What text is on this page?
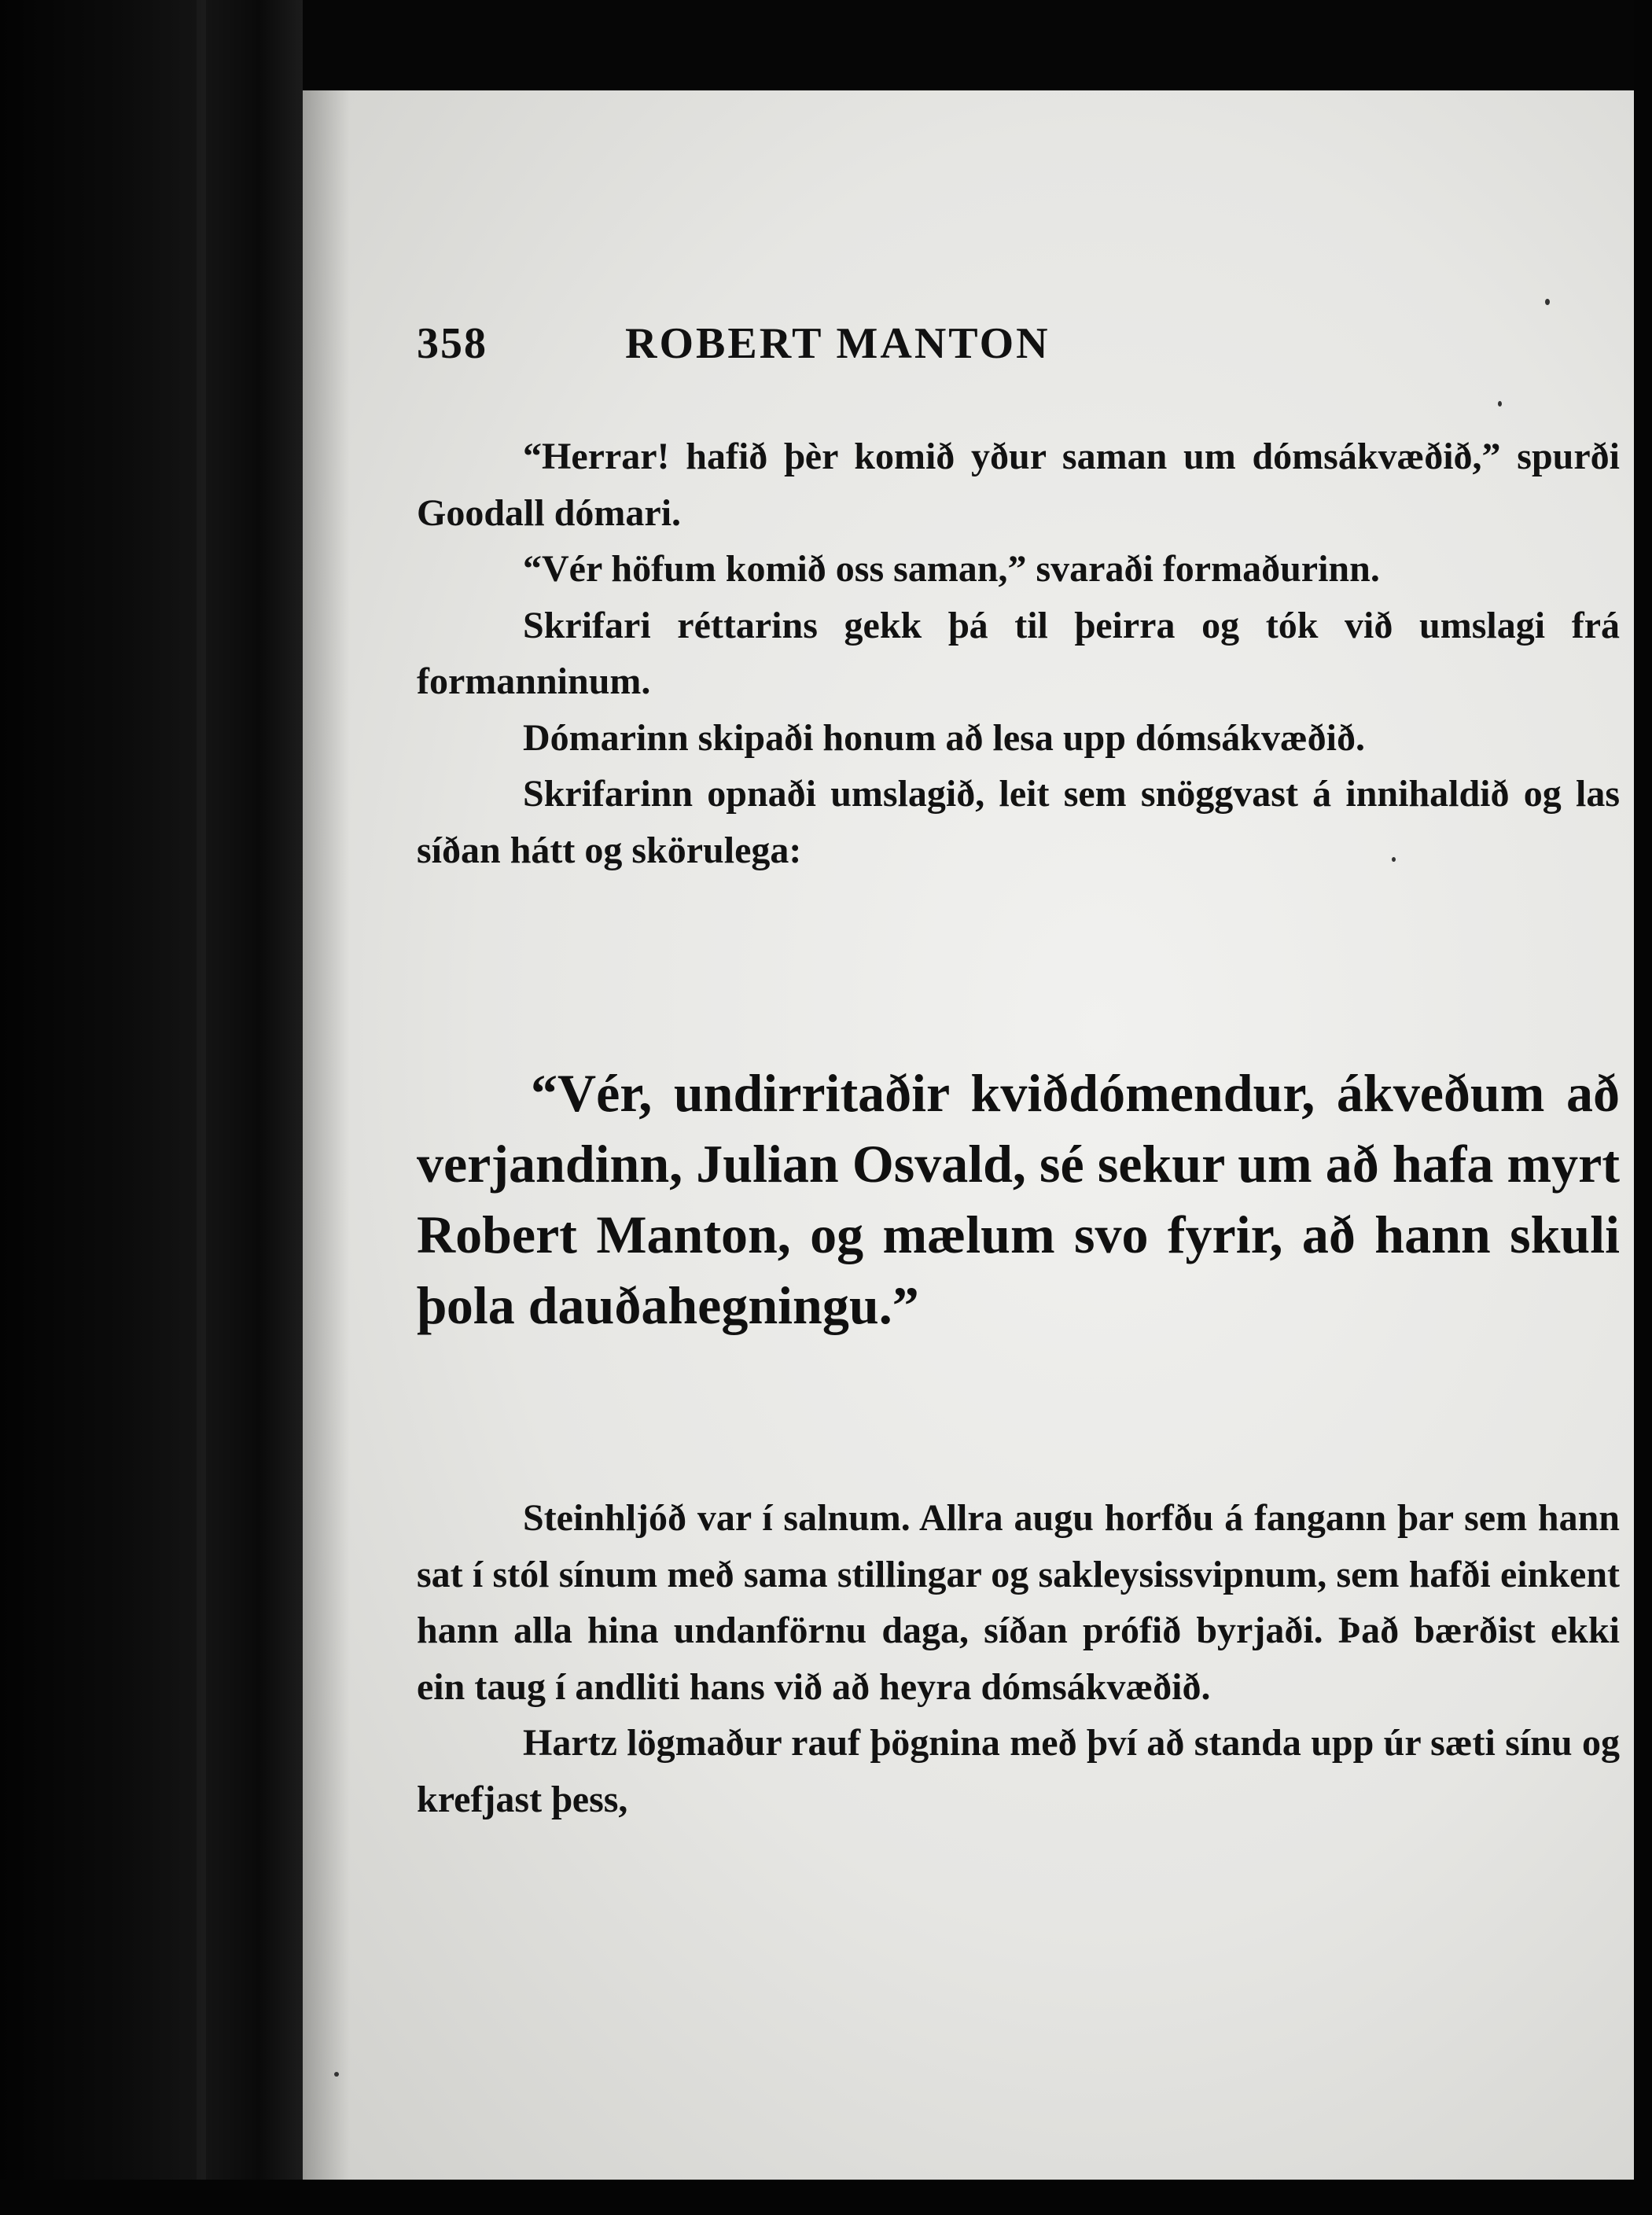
358	ROBERT MANTON

“Herrar! hafið þèr komið yður saman um dómsákvæðið,” spurði Goodall dómari.

“Vér höfum komið oss saman,” svaraði formaðurinn.

Skrifari réttarins gekk þá til þeirra og tók við umslagi frá formanninum.

Dómarinn skipaði honum að lesa upp dómsákvæðið.

Skrifarinn opnaði umslagið, leit sem snöggvast á innihaldið og las síðan hátt og skörulega:

“Vér, undirritaðir kviðdómendur, ákveðum að verjandinn, Julian Osvald, sé sekur um að hafa myrt Robert Manton, og mælum svo fyrir, að hann skuli þola dauðahegningu.”

Steinhljóð var í salnum. Allra augu horfðu á fangann þar sem hann sat í stól sínum með sama stillingar og sakleysissvipnum, sem hafði einkent hann alla hina undanförnu daga, síðan prófið byrjaði. Það bærðist ekki ein taug í andliti hans við að heyra dómsákvæðið.

Hartz lögmaður rauf þögnina með því að standa upp úr sæti sínu og krefjast þess,
